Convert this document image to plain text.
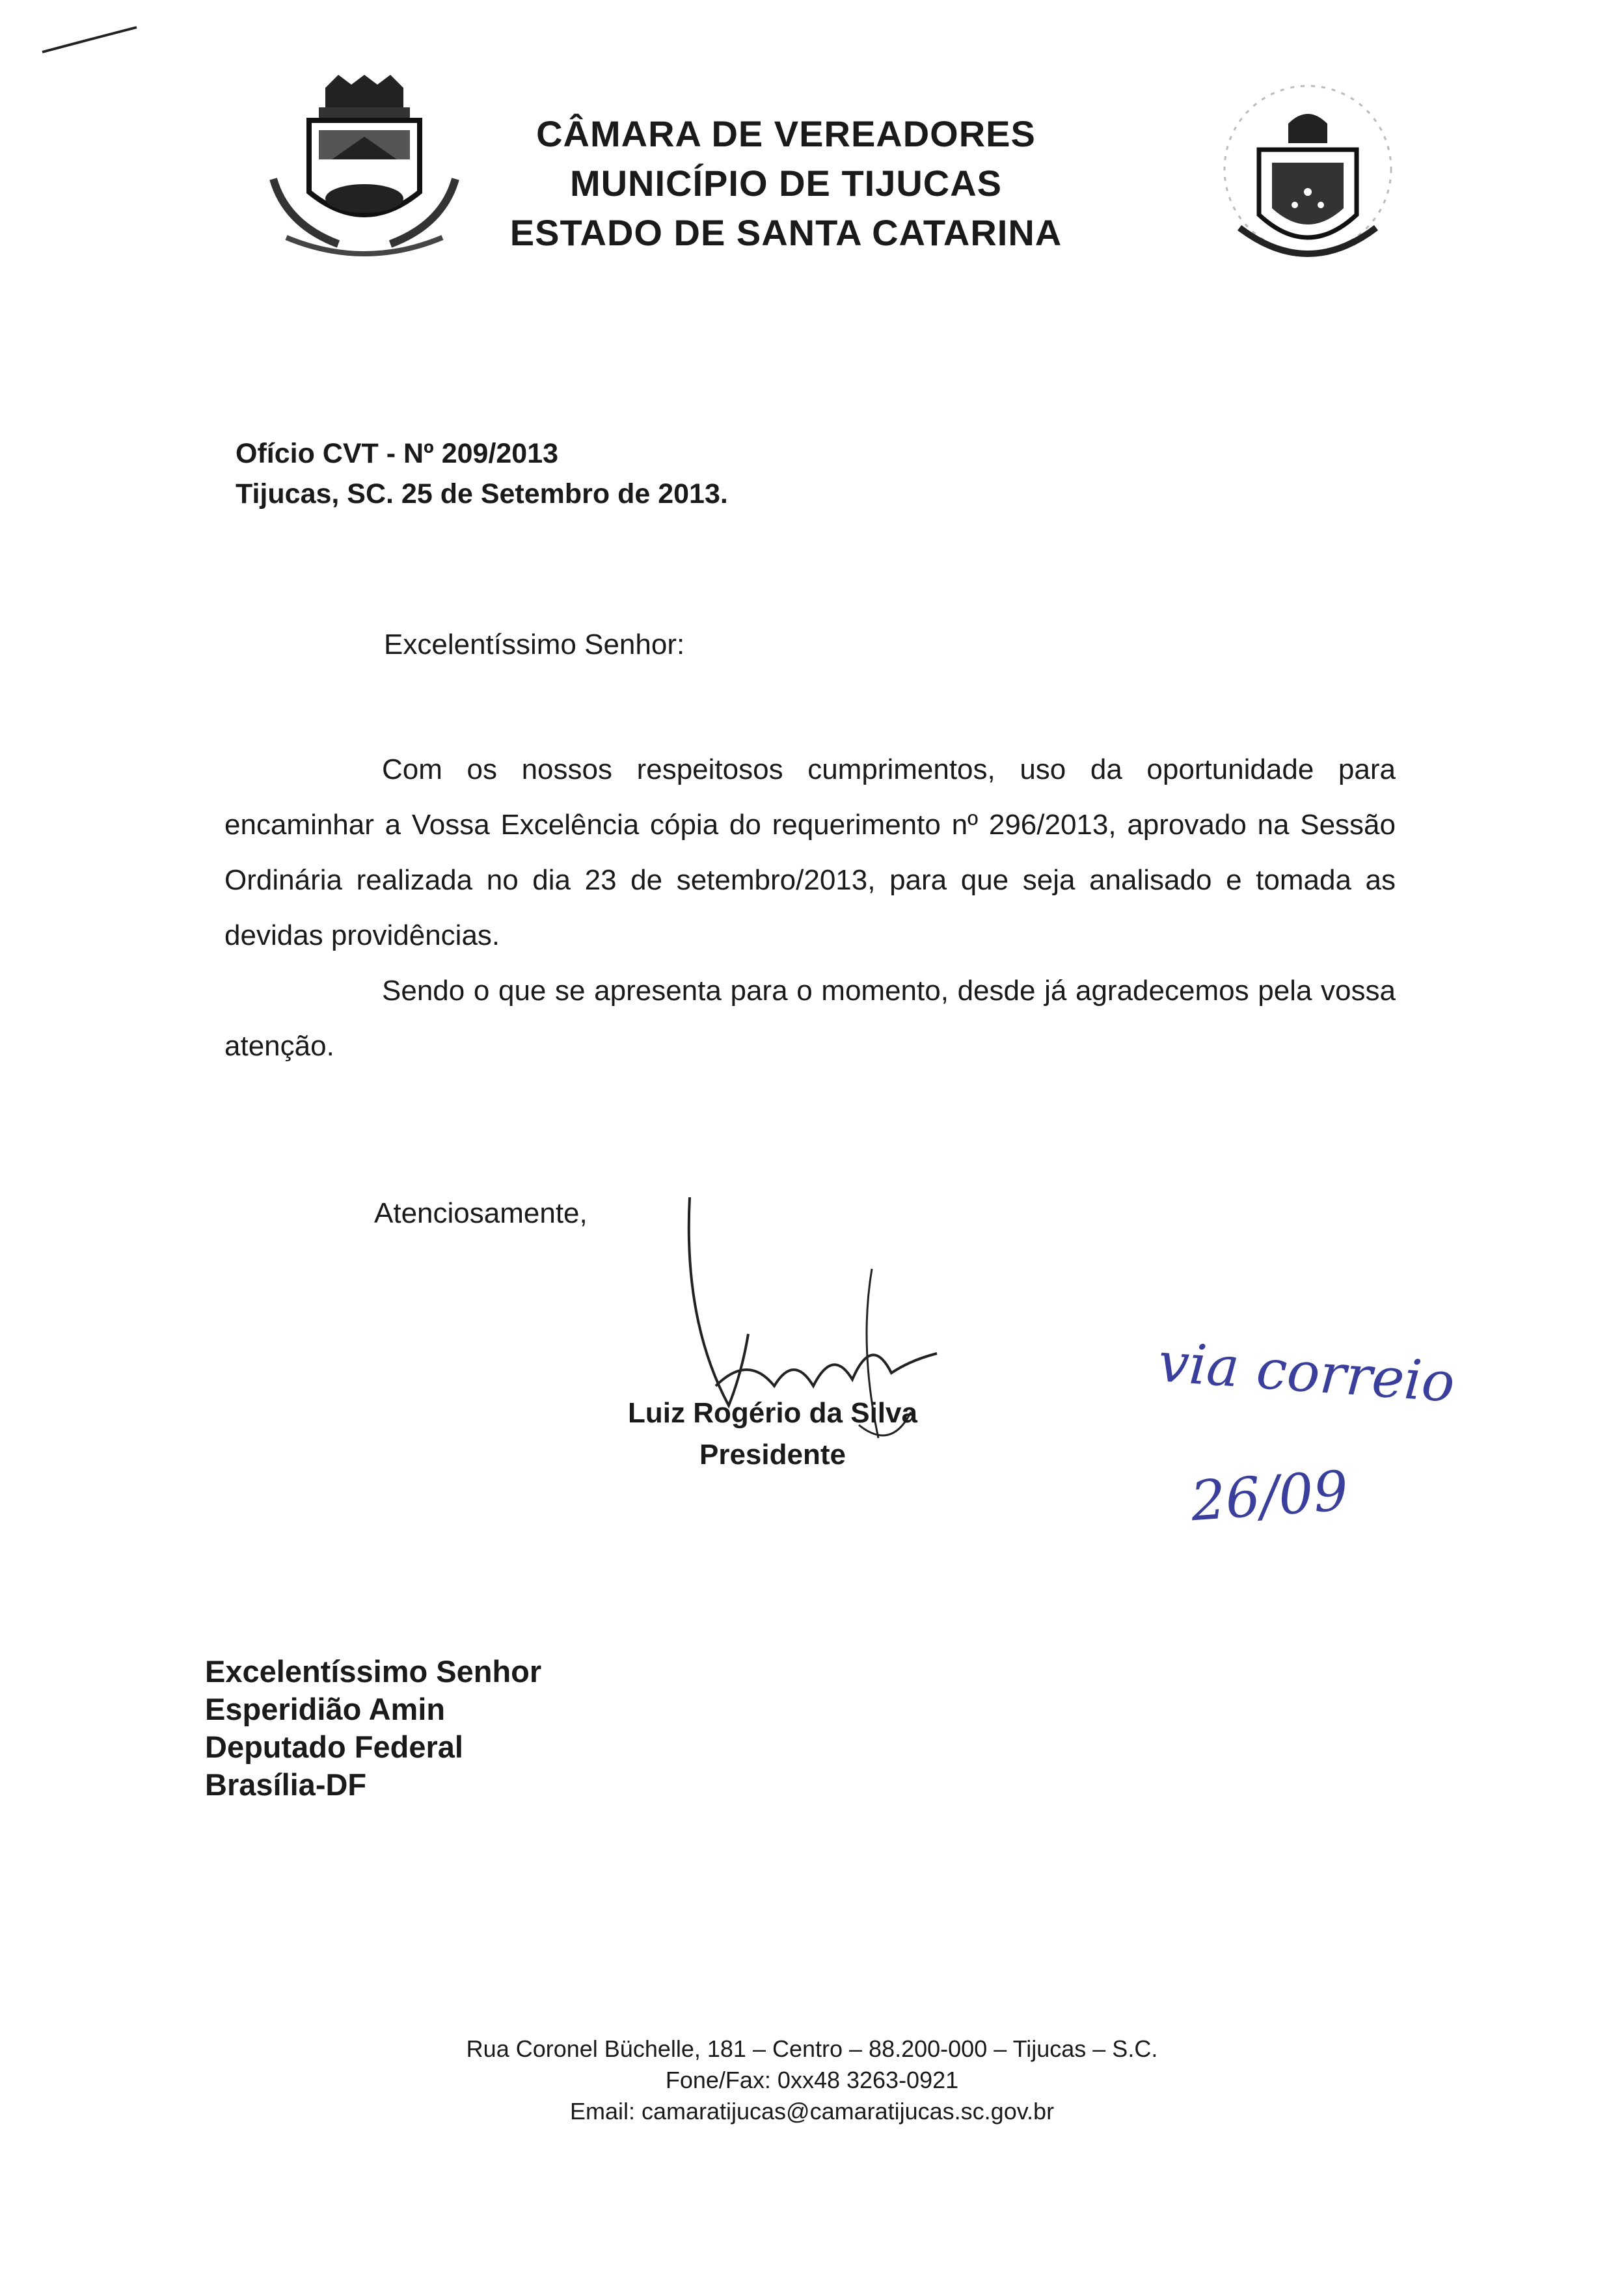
CÂMARA DE VEREADORES
MUNICÍPIO DE TIJUCAS
ESTADO DE SANTA CATARINA
Ofício CVT - Nº 209/2013
Tijucas, SC. 25 de Setembro de 2013.
Excelentíssimo Senhor:

Com os nossos respeitosos cumprimentos, uso da oportunidade para encaminhar a Vossa Excelência cópia do requerimento nº 296/2013, aprovado na Sessão Ordinária realizada no dia 23 de setembro/2013, para que seja analisado e tomada as devidas providências.

Sendo o que se apresenta para o momento, desde já agradecemos pela vossa atenção.

Atenciosamente,
Luiz Rogério da Silva
Presidente
via correio
26/09
Excelentíssimo Senhor
Esperidião Amin
Deputado Federal
Brasília-DF
Rua Coronel Büchelle, 181 – Centro – 88.200-000 – Tijucas – S.C.
Fone/Fax: 0xx48 3263-0921
Email: camaratijucas@camaratijucas.sc.gov.br
